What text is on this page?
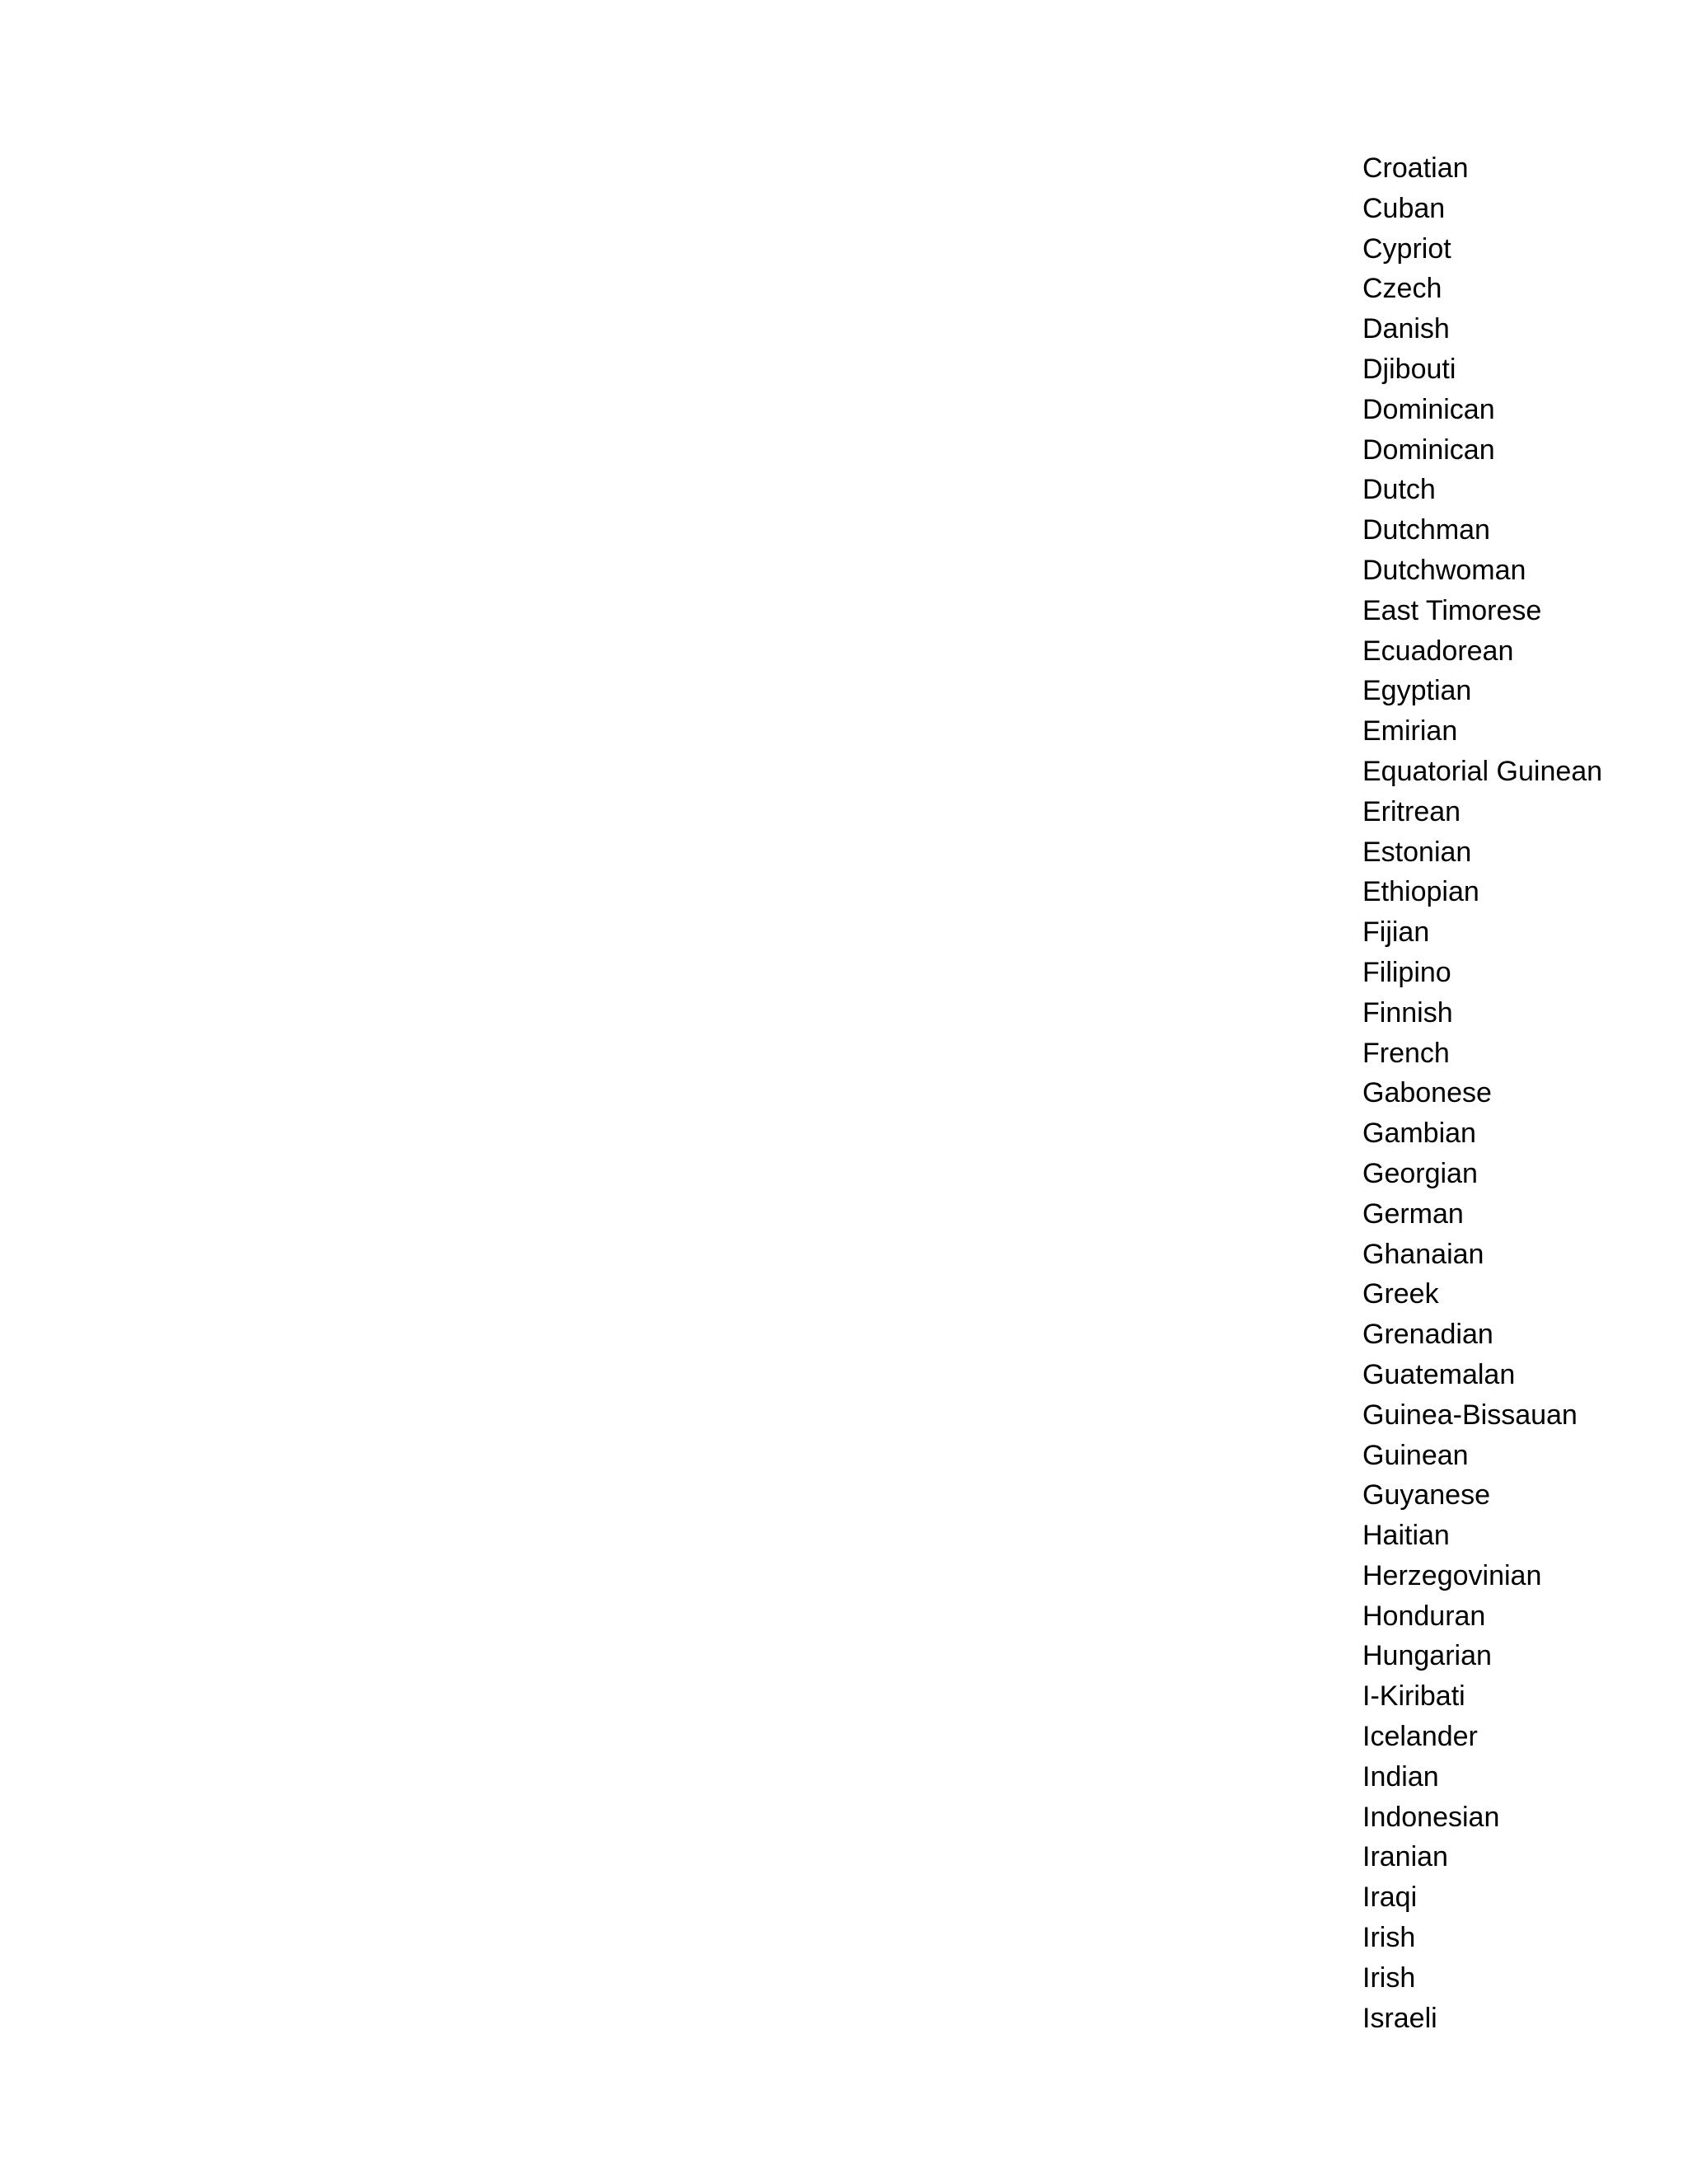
Croatian
Cuban
Cypriot
Czech
Danish
Djibouti
Dominican
Dominican
Dutch
Dutchman
Dutchwoman
East Timorese
Ecuadorean
Egyptian
Emirian
Equatorial Guinean
Eritrean
Estonian
Ethiopian
Fijian
Filipino
Finnish
French
Gabonese
Gambian
Georgian
German
Ghanaian
Greek
Grenadian
Guatemalan
Guinea-Bissauan
Guinean
Guyanese
Haitian
Herzegovinian
Honduran
Hungarian
I-Kiribati
Icelander
Indian
Indonesian
Iranian
Iraqi
Irish
Irish
Israeli
